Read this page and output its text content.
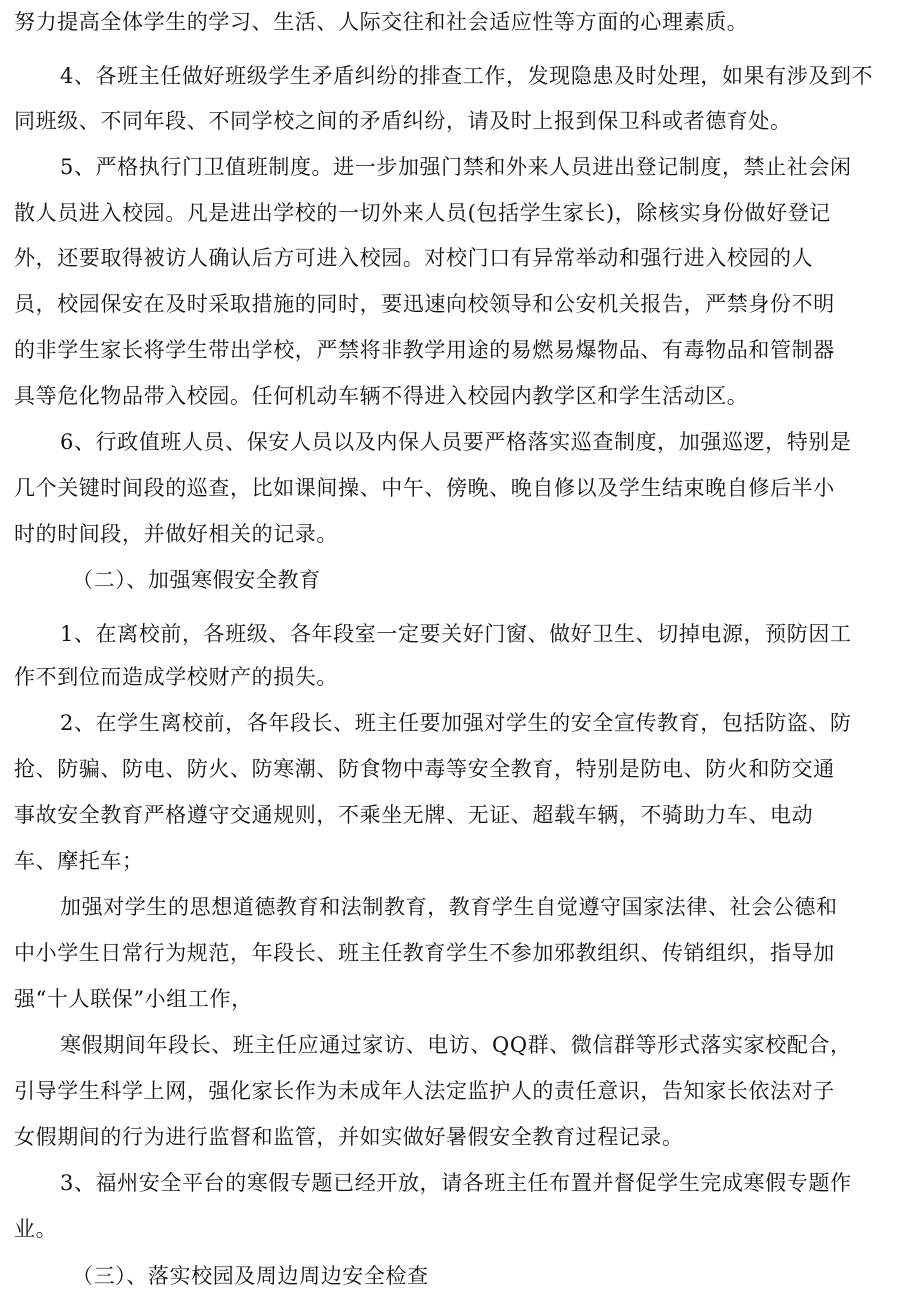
努力提高全体学生的学习、生活、人际交往和社会适应性等方面的心理素质。
4、各班主任做好班级学生矛盾纠纷的排查工作，发现隐患及时处理，如果有涉及到不
同班级、不同年段、不同学校之间的矛盾纠纷，请及时上报到保卫科或者德育处。
5、严格执行门卫值班制度。进一步加强门禁和外来人员进出登记制度，禁止社会闲
散人员进入校园。凡是进出学校的一切外来人员(包括学生家长)，除核实身份做好登记
外，还要取得被访人确认后方可进入校园。对校门口有异常举动和强行进入校园的人
员，校园保安在及时采取措施的同时，要迅速向校领导和公安机关报告，严禁身份不明
的非学生家长将学生带出学校，严禁将非教学用途的易燃易爆物品、有毒物品和管制器
具等危化物品带入校园。任何机动车辆不得进入校园内教学区和学生活动区。
6、行政值班人员、保安人员以及内保人员要严格落实巡查制度，加强巡逻，特别是
几个关键时间段的巡查，比如课间操、中午、傍晚、晚自修以及学生结束晚自修后半小
时的时间段，并做好相关的记录。
（二）、加强寒假安全教育
1、在离校前，各班级、各年段室一定要关好门窗、做好卫生、切掉电源，预防因工
作不到位而造成学校财产的损失。
2、在学生离校前，各年段长、班主任要加强对学生的安全宣传教育，包括防盗、防
抢、防骗、防电、防火、防寒潮、防食物中毒等安全教育，特别是防电、防火和防交通
事故安全教育严格遵守交通规则，不乘坐无牌、无证、超载车辆，不骑助力车、电动
车、摩托车；
加强对学生的思想道德教育和法制教育，教育学生自觉遵守国家法律、社会公德和
中小学生日常行为规范，年段长、班主任教育学生不参加邪教组织、传销组织，指导加
强“十人联保”小组工作，
寒假期间年段长、班主任应通过家访、电访、QQ群、微信群等形式落实家校配合，
引导学生科学上网，强化家长作为未成年人法定监护人的责任意识，告知家长依法对子
女假期间的行为进行监督和监管，并如实做好暑假安全教育过程记录。
3、福州安全平台的寒假专题已经开放，请各班主任布置并督促学生完成寒假专题作
业。
（三）、落实校园及周边周边安全检查
